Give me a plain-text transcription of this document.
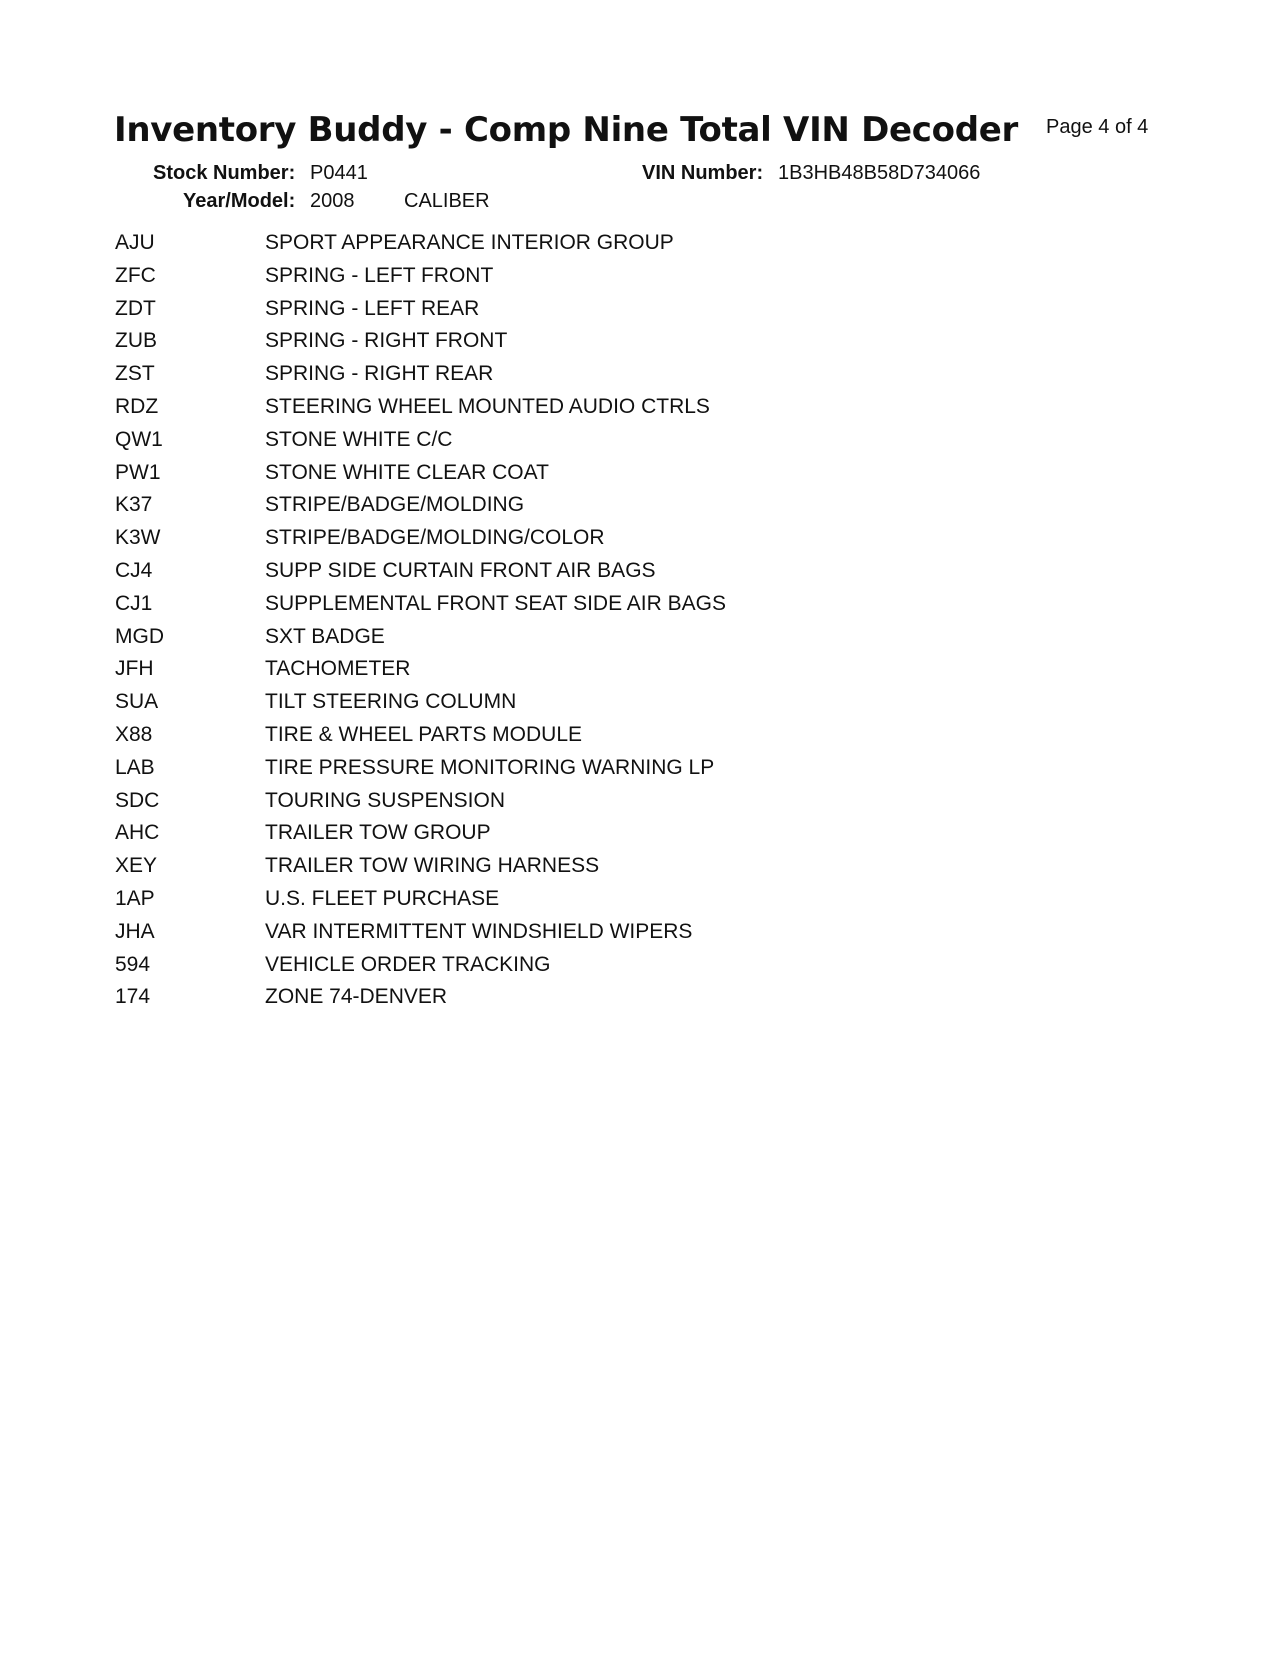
Inventory Buddy - Comp Nine Total VIN Decoder Page 4 of 4
Stock Number: P0441	VIN Number: 1B3HB48B58D734066
Year/Model: 2008 CALIBER
AJU	SPORT APPEARANCE INTERIOR GROUP
ZFC	SPRING - LEFT FRONT
ZDT	SPRING - LEFT REAR
ZUB	SPRING - RIGHT FRONT
ZST	SPRING - RIGHT REAR
RDZ	STEERING WHEEL MOUNTED AUDIO CTRLS
QW1	STONE WHITE C/C
PW1	STONE WHITE CLEAR COAT
K37	STRIPE/BADGE/MOLDING
K3W	STRIPE/BADGE/MOLDING/COLOR
CJ4	SUPP SIDE CURTAIN FRONT AIR BAGS
CJ1	SUPPLEMENTAL FRONT SEAT SIDE AIR BAGS
MGD	SXT BADGE
JFH	TACHOMETER
SUA	TILT STEERING COLUMN
X88	TIRE & WHEEL PARTS MODULE
LAB	TIRE PRESSURE MONITORING WARNING LP
SDC	TOURING SUSPENSION
AHC	TRAILER TOW GROUP
XEY	TRAILER TOW WIRING HARNESS
1AP	U.S. FLEET PURCHASE
JHA	VAR INTERMITTENT WINDSHIELD WIPERS
594	VEHICLE ORDER TRACKING
174	ZONE 74-DENVER
